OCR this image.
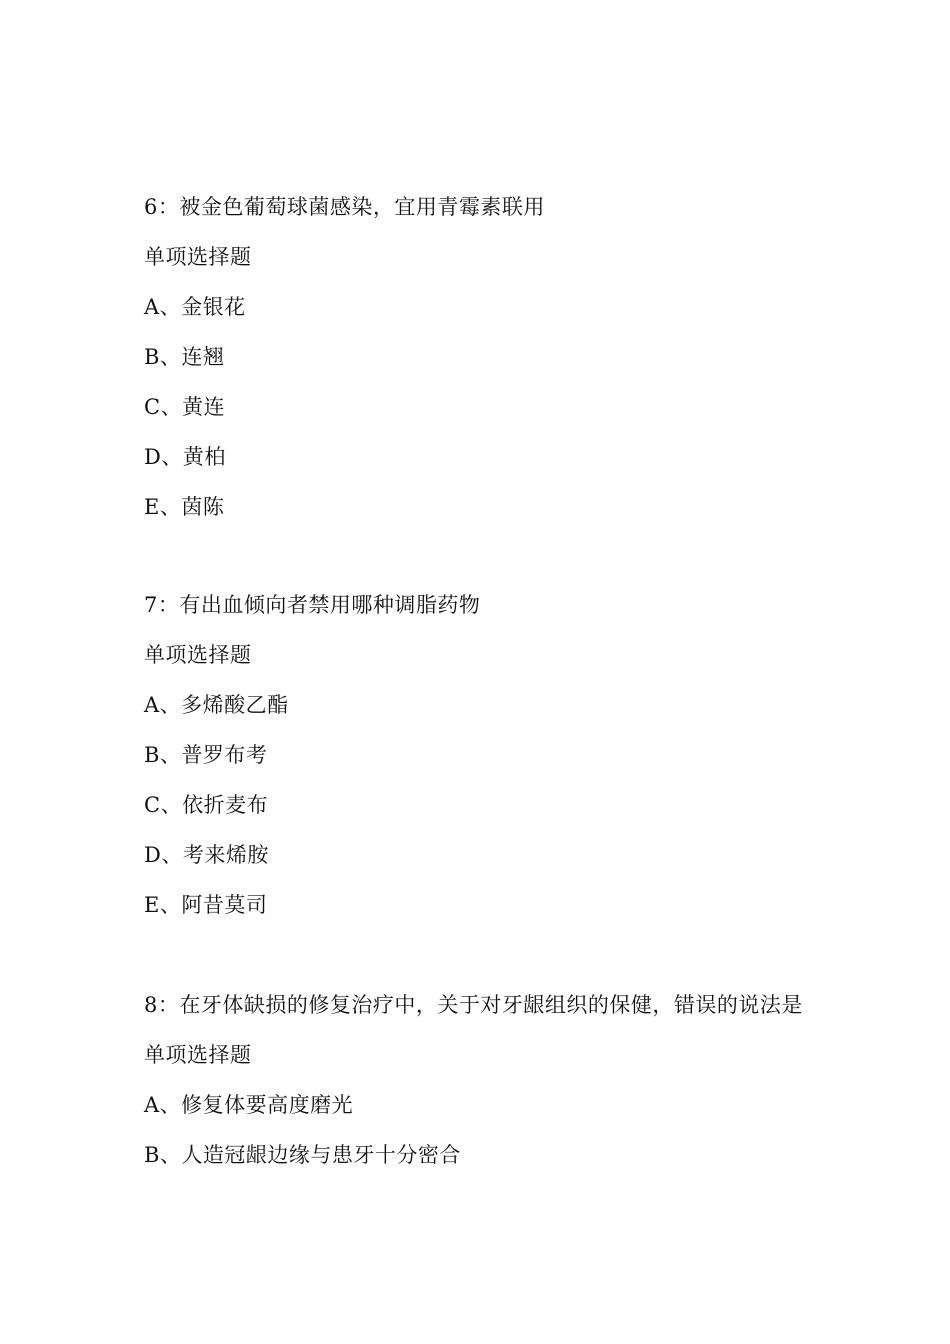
6：被金色葡萄球菌感染，宜用青霉素联用
单项选择题
A、金银花
B、连翘
C、黄连
D、黄柏
E、茵陈
7：有出血倾向者禁用哪种调脂药物
单项选择题
A、多烯酸乙酯
B、普罗布考
C、依折麦布
D、考来烯胺
E、阿昔莫司
8：在牙体缺损的修复治疗中，关于对牙龈组织的保健，错误的说法是
单项选择题
A、修复体要高度磨光
B、人造冠龈边缘与患牙十分密合
